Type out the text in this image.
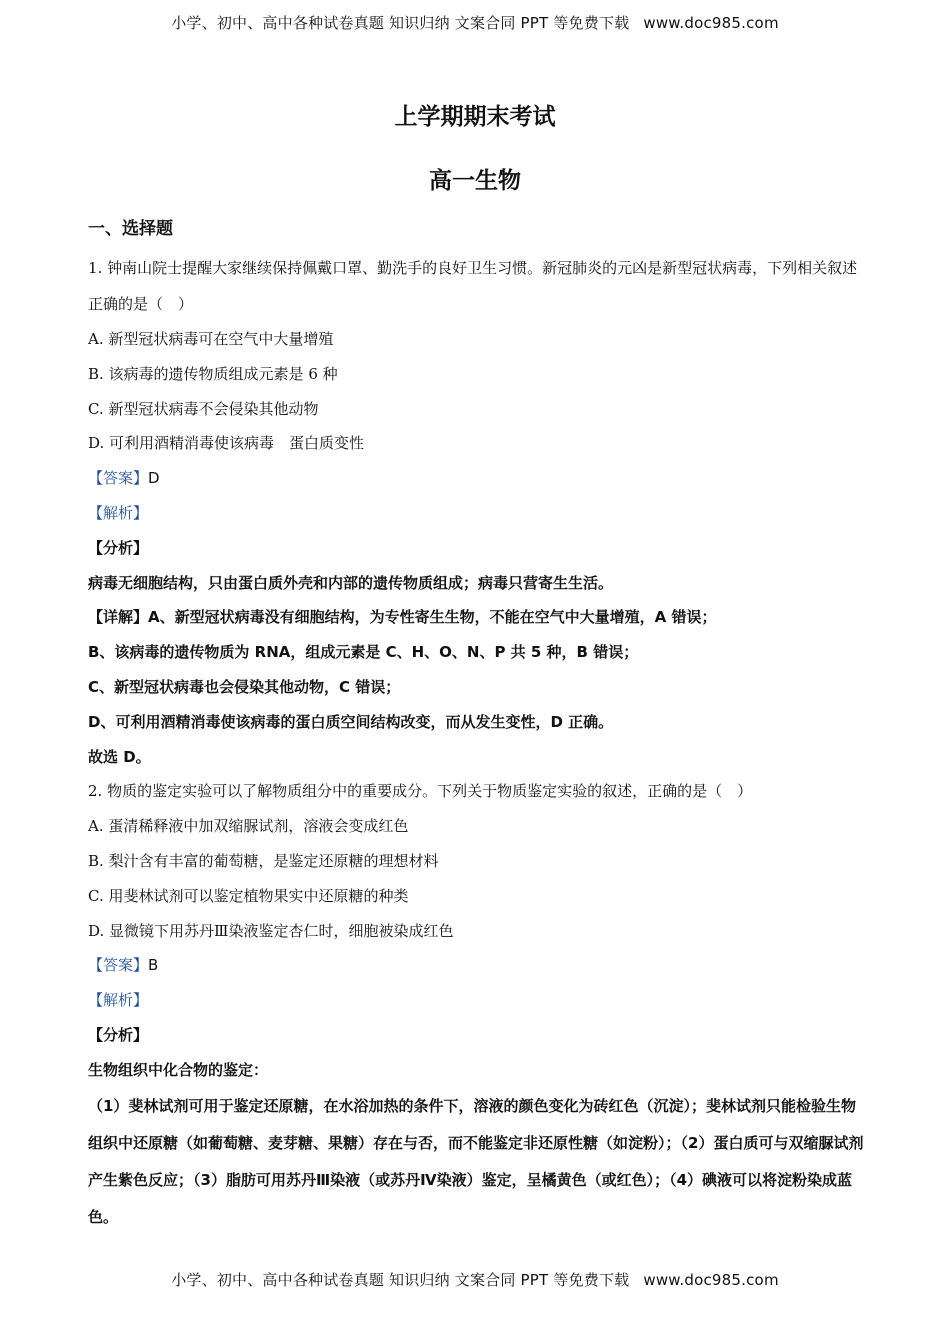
小学、初中、高中各种试卷真题 知识归纳 文案合同 PPT 等免费下载 www.doc985.com
上学期期末考试
高一生物
一、选择题
1. 钟南山院士提醒大家继续保持佩戴口罩、勤洗手的良好卫生习惯。新冠肺炎的元凶是新型冠状病毒，下列相关叙述正确的是（　）
A. 新型冠状病毒可在空气中大量增殖
B. 该病毒的遗传物质组成元素是 6 种
C. 新型冠状病毒不会侵染其他动物
D. 可利用酒精消毒使该病毒　蛋白质变性
【答案】D
【解析】
【分析】
病毒无细胞结构，只由蛋白质外壳和内部的遗传物质组成；病毒只营寄生生活。
【详解】A、新型冠状病毒没有细胞结构，为专性寄生生物，不能在空气中大量增殖，A 错误；
B、该病毒的遗传物质为 RNA，组成元素是 C、H、O、N、P 共 5 种，B 错误；
C、新型冠状病毒也会侵染其他动物，C 错误；
D、可利用酒精消毒使该病毒的蛋白质空间结构改变，而从发生变性，D 正确。
故选 D。
2. 物质的鉴定实验可以了解物质组分中的重要成分。下列关于物质鉴定实验的叙述，正确的是（　）
A. 蛋清稀释液中加双缩脲试剂，溶液会变成红色
B. 梨汁含有丰富的葡萄糖，是鉴定还原糖的理想材料
C. 用斐林试剂可以鉴定植物果实中还原糖的种类
D. 显微镜下用苏丹Ⅲ染液鉴定杏仁时，细胞被染成红色
【答案】B
【解析】
【分析】
生物组织中化合物的鉴定：
（1）斐林试剂可用于鉴定还原糖，在水浴加热的条件下，溶液的颜色变化为砖红色（沉淀）；斐林试剂只能检验生物组织中还原糖（如葡萄糖、麦芽糖、果糖）存在与否，而不能鉴定非还原性糖（如淀粉）；（2）蛋白质可与双缩脲试剂产生紫色反应；（3）脂肪可用苏丹Ⅲ染液（或苏丹Ⅳ染液）鉴定，呈橘黄色（或红色）；（4）碘液可以将淀粉染成蓝色。
小学、初中、高中各种试卷真题 知识归纳 文案合同 PPT 等免费下载 www.doc985.com
